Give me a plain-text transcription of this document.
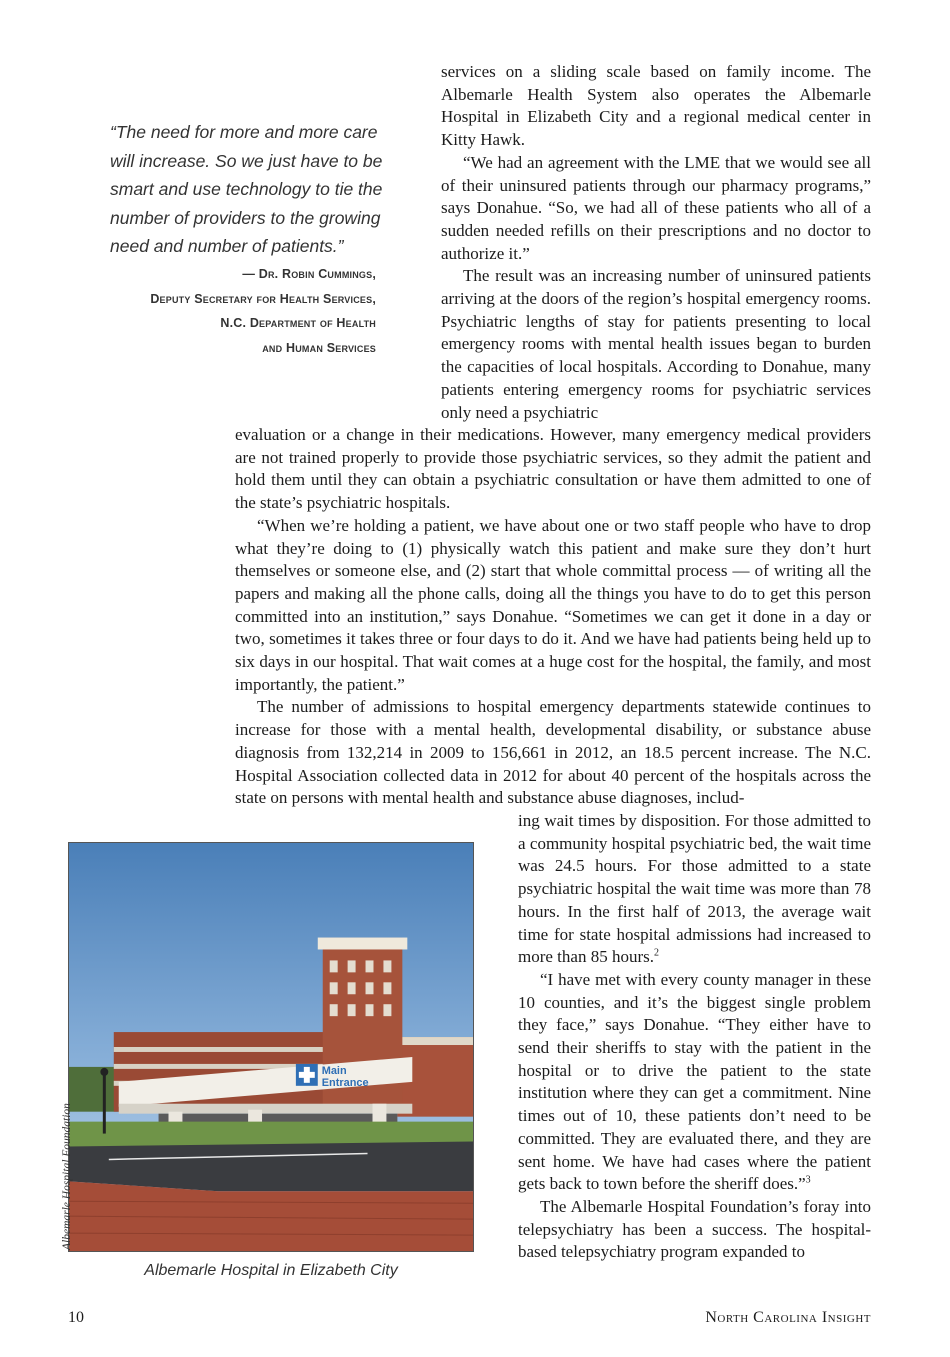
“The need for more and more care will increase. So we just have to be smart and use technology to tie the number of providers to the growing need and number of patients.”
— Dr. Robin Cummings,
Deputy Secretary for Health Services,
N.C. Department of Health
and Human Services

services on a sliding scale based on family income. The Albemarle Health System also operates the Albemarle Hospital in Elizabeth City and a regional medical center in Kitty Hawk.

“We had an agreement with the LME that we would see all of their uninsured patients through our pharmacy programs,” says Donahue. “So, we had all of these patients who all of a sudden needed refills on their prescriptions and no doctor to authorize it.”

The result was an increasing number of uninsured patients arriving at the doors of the region’s hospital emergency rooms. Psychiatric lengths of stay for patients presenting to local emergency rooms with mental health issues began to burden the capacities of local hospitals. According to Donahue, many patients entering emergency rooms for psychiatric services only need a psychiatric

evaluation or a change in their medications. However, many emergency medical providers are not trained properly to provide those psychiatric services, so they admit the patient and hold them until they can obtain a psychiatric consultation or have them admitted to one of the state’s psychiatric hospitals.

“When we’re holding a patient, we have about one or two staff people who have to drop what they’re doing to (1) physically watch this patient and make sure they don’t hurt themselves or someone else, and (2) start that whole committal process — of writing all the papers and making all the phone calls, doing all the things you have to do to get this person committed into an institution,” says Donahue. “Sometimes we can get it done in a day or two, sometimes it takes three or four days to do it. And we have had patients being held up to six days in our hospital. That wait comes at a huge cost for the hospital, the family, and most importantly, the patient.”

The number of admissions to hospital emergency departments statewide continues to increase for those with a mental health, developmental disability, or substance abuse diagnosis from 132,214 in 2009 to 156,661 in 2012, an 18.5 percent increase. The N.C. Hospital Association collected data in 2012 for about 40 percent of the hospitals across the state on persons with mental health and substance abuse diagnoses, includ-

ing wait times by disposition. For those admitted to a community hospital psychiatric bed, the wait time was 24.5 hours. For those admitted to a state psychiatric hospital the wait time was more than 78 hours. In the first half of 2013, the average wait time for state hospital admissions had increased to more than 85 hours.$^2$

“I have met with every county manager in these 10 counties, and it’s the biggest single problem they face,” says Donahue. “They either have to send their sheriffs to stay with the patient in the hospital or to drive the patient to the state institution where they can get a commitment. Nine times out of 10, these patients don’t need to be committed. They are evaluated there, and they are sent home. We have had cases where the patient gets back to town before the sheriff does.”$^3$

The Albemarle Hospital Foundation’s foray into telepsychiatry has been a success. The hospital-based telepsychiatry program expanded to

Main
Entrance
Albemarle Hospital Foundation
Albemarle Hospital in Elizabeth City
10	North Carolina Insight
